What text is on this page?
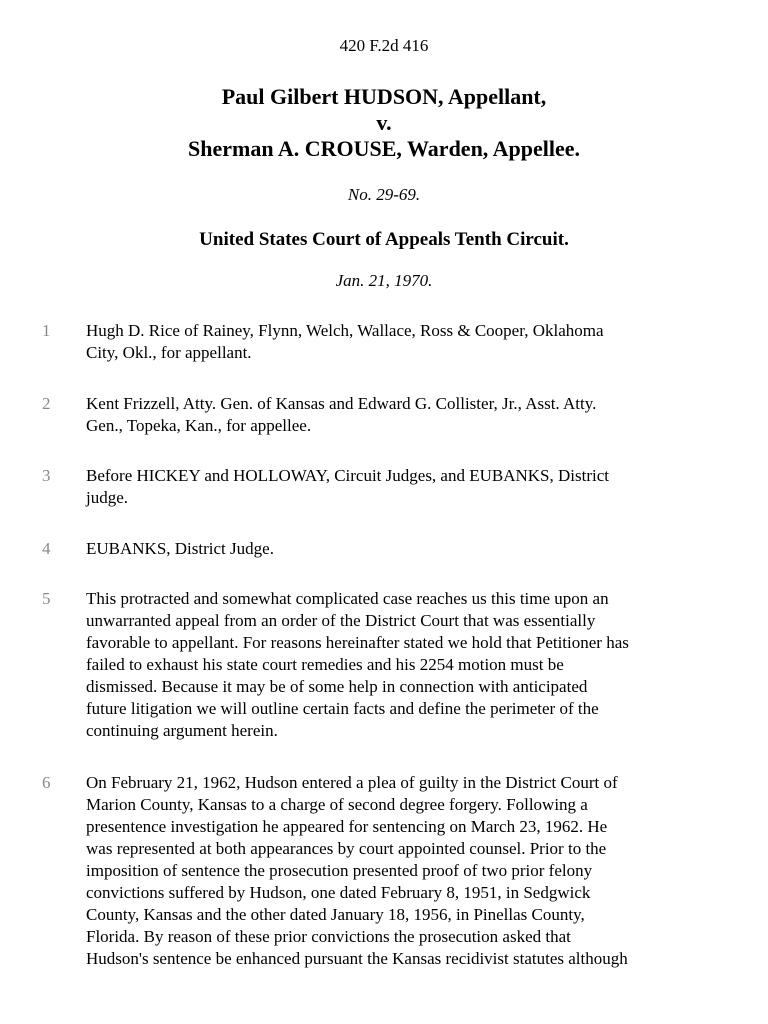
420 F.2d 416
Paul Gilbert HUDSON, Appellant,
v.
Sherman A. CROUSE, Warden, Appellee.
No. 29-69.
United States Court of Appeals Tenth Circuit.
Jan. 21, 1970.
1 Hugh D. Rice of Rainey, Flynn, Welch, Wallace, Ross & Cooper, Oklahoma
City, Okl., for appellant.
2 Kent Frizzell, Atty. Gen. of Kansas and Edward G. Collister, Jr., Asst. Atty.
Gen., Topeka, Kan., for appellee.
3 Before HICKEY and HOLLOWAY, Circuit Judges, and EUBANKS, District
judge.
4 EUBANKS, District Judge.
5 This protracted and somewhat complicated case reaches us this time upon an
unwarranted appeal from an order of the District Court that was essentially
favorable to appellant. For reasons hereinafter stated we hold that Petitioner has
failed to exhaust his state court remedies and his 2254 motion must be
dismissed. Because it may be of some help in connection with anticipated
future litigation we will outline certain facts and define the perimeter of the
continuing argument herein.
6 On February 21, 1962, Hudson entered a plea of guilty in the District Court of
Marion County, Kansas to a charge of second degree forgery. Following a
presentence investigation he appeared for sentencing on March 23, 1962. He
was represented at both appearances by court appointed counsel. Prior to the
imposition of sentence the prosecution presented proof of two prior felony
convictions suffered by Hudson, one dated February 8, 1951, in Sedgwick
County, Kansas and the other dated January 18, 1956, in Pinellas County,
Florida. By reason of these prior convictions the prosecution asked that
Hudson's sentence be enhanced pursuant the Kansas recidivist statutes although
